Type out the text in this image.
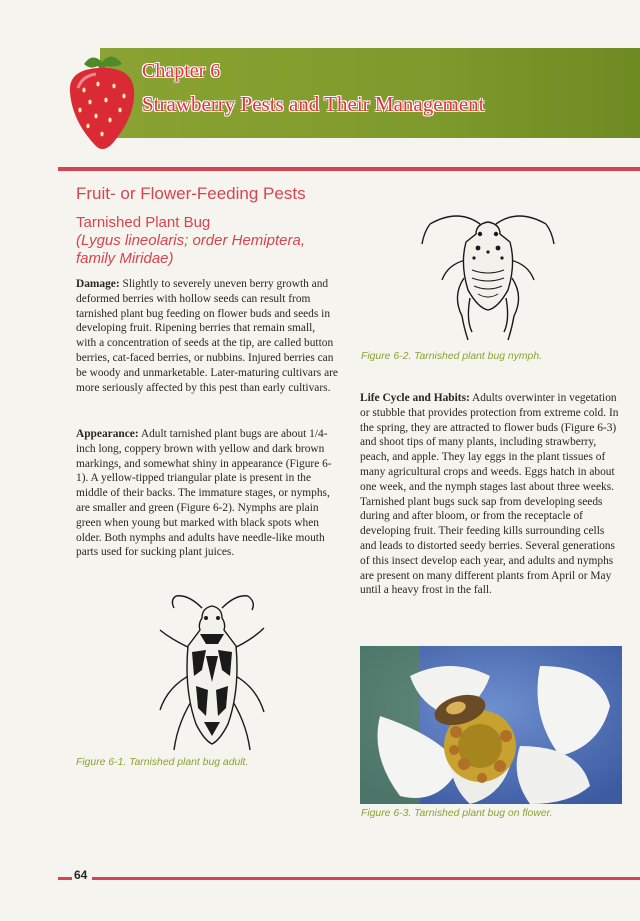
Chapter 6
Strawberry Pests and Their Management
Fruit- or Flower-Feeding Pests
Tarnished Plant Bug
(Lygus lineolaris; order Hemiptera,
family Miridae)
Damage: Slightly to severely uneven berry growth and deformed berries with hollow seeds can result from tarnished plant bug feeding on flower buds and seeds in developing fruit. Ripening berries that remain small, with a concentration of seeds at the tip, are called button berries, cat-faced berries, or nubbins. Injured berries can be woody and unmarketable. Later-maturing cultivars are more seriously affected by this pest than early cultivars.
Appearance: Adult tarnished plant bugs are about 1/4-inch long, coppery brown with yellow and dark brown markings, and somewhat shiny in appearance (Figure 6-1). A yellow-tipped triangular plate is present in the middle of their backs. The immature stages, or nymphs, are smaller and green (Figure 6-2). Nymphs are plain green when young but marked with black spots when older. Both nymphs and adults have needle-like mouth parts used for sucking plant juices.
Figure 6-1. Tarnished plant bug adult.
Figure 6-2. Tarnished plant bug nymph.
Life Cycle and Habits: Adults overwinter in vegetation or stubble that provides protection from extreme cold. In the spring, they are attracted to flower buds (Figure 6-3) and shoot tips of many plants, including strawberry, peach, and apple. They lay eggs in the plant tissues of many agricultural crops and weeds. Eggs hatch in about one week, and the nymph stages last about three weeks. Tarnished plant bugs suck sap from developing seeds during and after bloom, or from the receptacle of developing fruit. Their feeding kills surrounding cells and leads to distorted seedy berries. Several generations of this insect develop each year, and adults and nymphs are present on many different plants from April or May until a heavy frost in the fall.
Figure 6-3. Tarnished plant bug on flower.
64
